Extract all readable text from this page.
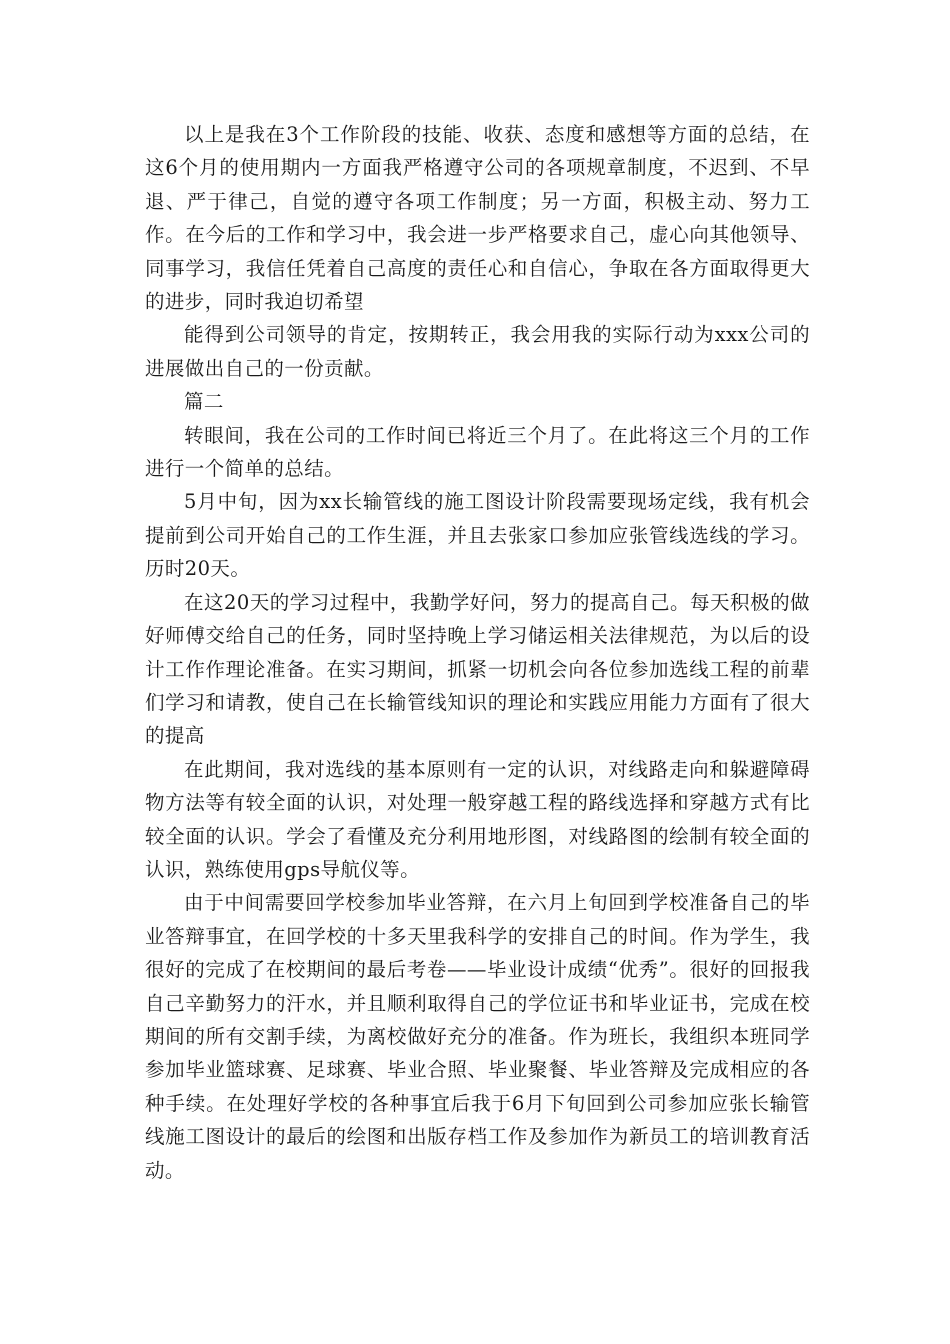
以上是我在3个工作阶段的技能、收获、态度和感想等方面的总结，在这6个月的使用期内一方面我严格遵守公司的各项规章制度，不迟到、不早退、严于律己，自觉的遵守各项工作制度；另一方面，积极主动、努力工作。在今后的工作和学习中，我会进一步严格要求自己，虚心向其他领导、同事学习，我信任凭着自己高度的责任心和自信心，争取在各方面取得更大的进步，同时我迫切希望

能得到公司领导的肯定，按期转正，我会用我的实际行动为xxx公司的进展做出自己的一份贡献。

篇二

转眼间，我在公司的工作时间已将近三个月了。在此将这三个月的工作进行一个简单的总结。

5月中旬，因为xx长输管线的施工图设计阶段需要现场定线，我有机会提前到公司开始自己的工作生涯，并且去张家口参加应张管线选线的学习。历时20天。

在这20天的学习过程中，我勤学好问，努力的提高自己。每天积极的做好师傅交给自己的任务，同时坚持晚上学习储运相关法律规范，为以后的设计工作作理论准备。在实习期间，抓紧一切机会向各位参加选线工程的前辈们学习和请教，使自己在长输管线知识的理论和实践应用能力方面有了很大的提高

在此期间，我对选线的基本原则有一定的认识，对线路走向和躲避障碍物方法等有较全面的认识，对处理一般穿越工程的路线选择和穿越方式有比较全面的认识。学会了看懂及充分利用地形图，对线路图的绘制有较全面的认识，熟练使用gps导航仪等。

由于中间需要回学校参加毕业答辩，在六月上旬回到学校准备自己的毕业答辩事宜，在回学校的十多天里我科学的安排自己的时间。作为学生，我很好的完成了在校期间的最后考卷——毕业设计成绩“优秀”。很好的回报我自己辛勤努力的汗水，并且顺利取得自己的学位证书和毕业证书，完成在校期间的所有交割手续，为离校做好充分的准备。作为班长，我组织本班同学参加毕业篮球赛、足球赛、毕业合照、毕业聚餐、毕业答辩及完成相应的各种手续。在处理好学校的各种事宜后我于6月下旬回到公司参加应张长输管线施工图设计的最后的绘图和出版存档工作及参加作为新员工的培训教育活动。
